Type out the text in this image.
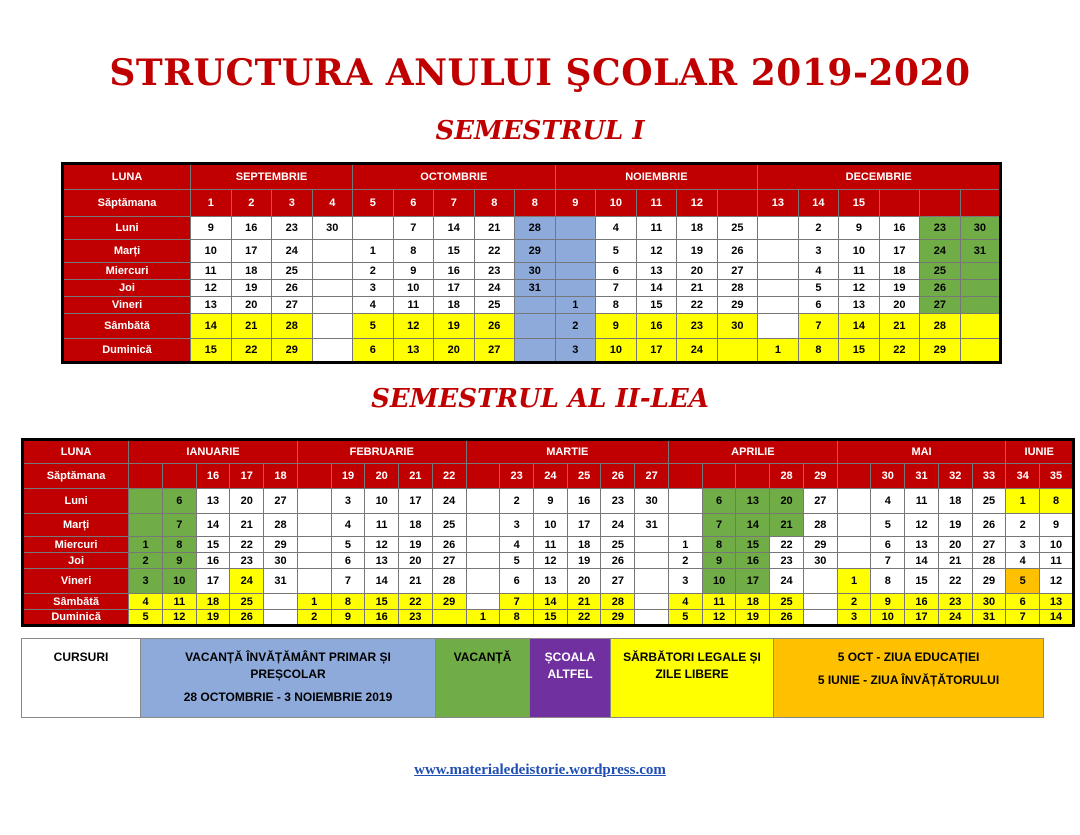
STRUCTURA ANULUI ŞCOLAR 2019-2020
SEMESTRUL I
LUNA	SEPTEMBRIE				OCTOMBRIE					NOIEMBRIE					DECEMBRIE					
Săptămana	1	2	3	4	5	6	7	8	8	9	10	11	12		13	14	15			
Luni	9	16	23	30		7	14	21	28		4	11	18	25		2	9	16	23	30
Marți	10	17	24		1	8	15	22	29		5	12	19	26		3	10	17	24	31
Miercuri	11	18	25		2	9	16	23	30		6	13	20	27		4	11	18	25	
Joi	12	19	26		3	10	17	24	31		7	14	21	28		5	12	19	26	
Vineri	13	20	27		4	11	18	25		1	8	15	22	29		6	13	20	27	
Sâmbătă	14	21	28		5	12	19	26		2	9	16	23	30		7	14	21	28	
Duminică	15	22	29		6	13	20	27		3	10	17	24		1	8	15	22	29	
SEMESTRUL AL II-LEA
LUNA	IANUARIE					FEBRUARIE					MARTIE						APRILIE					MAI					IUNIE	
Săptămana			16	17	18		19	20	21	22		23	24	25	26	27				28	29		30	31	32	33	34	35
Luni		6	13	20	27		3	10	17	24		2	9	16	23	30		6	13	20	27		4	11	18	25	1	8
Marți		7	14	21	28		4	11	18	25		3	10	17	24	31		7	14	21	28		5	12	19	26	2	9
Miercuri	1	8	15	22	29		5	12	19	26		4	11	18	25		1	8	15	22	29		6	13	20	27	3	10
Joi	2	9	16	23	30		6	13	20	27		5	12	19	26		2	9	16	23	30		7	14	21	28	4	11
Vineri	3	10	17	24	31		7	14	21	28		6	13	20	27		3	10	17	24		1	8	15	22	29	5	12
Sâmbătă	4	11	18	25		1	8	15	22	29		7	14	21	28		4	11	18	25		2	9	16	23	30	6	13
Duminică	5	12	19	26		2	9	16	23		1	8	15	22	29		5	12	19	26		3	10	17	24	31	7	14
CURSURI	VACANȚĂ ÎNVĂȚĂMÂNT PRIMAR ȘI PREȘCOLAR
28 OCTOMBRIE - 3 NOIEMBRIE 2019
	VACANȚĂ	ȘCOALA ALTFEL

SĂRBĂTORI LEGALE ȘI ZILE LIBERE

5 OCT - ZIUA EDUCAȚIEI
5 IUNIE - ZIUA ÎNVĂȚĂTORULUI
www.materialedeistorie.wordpress.com
